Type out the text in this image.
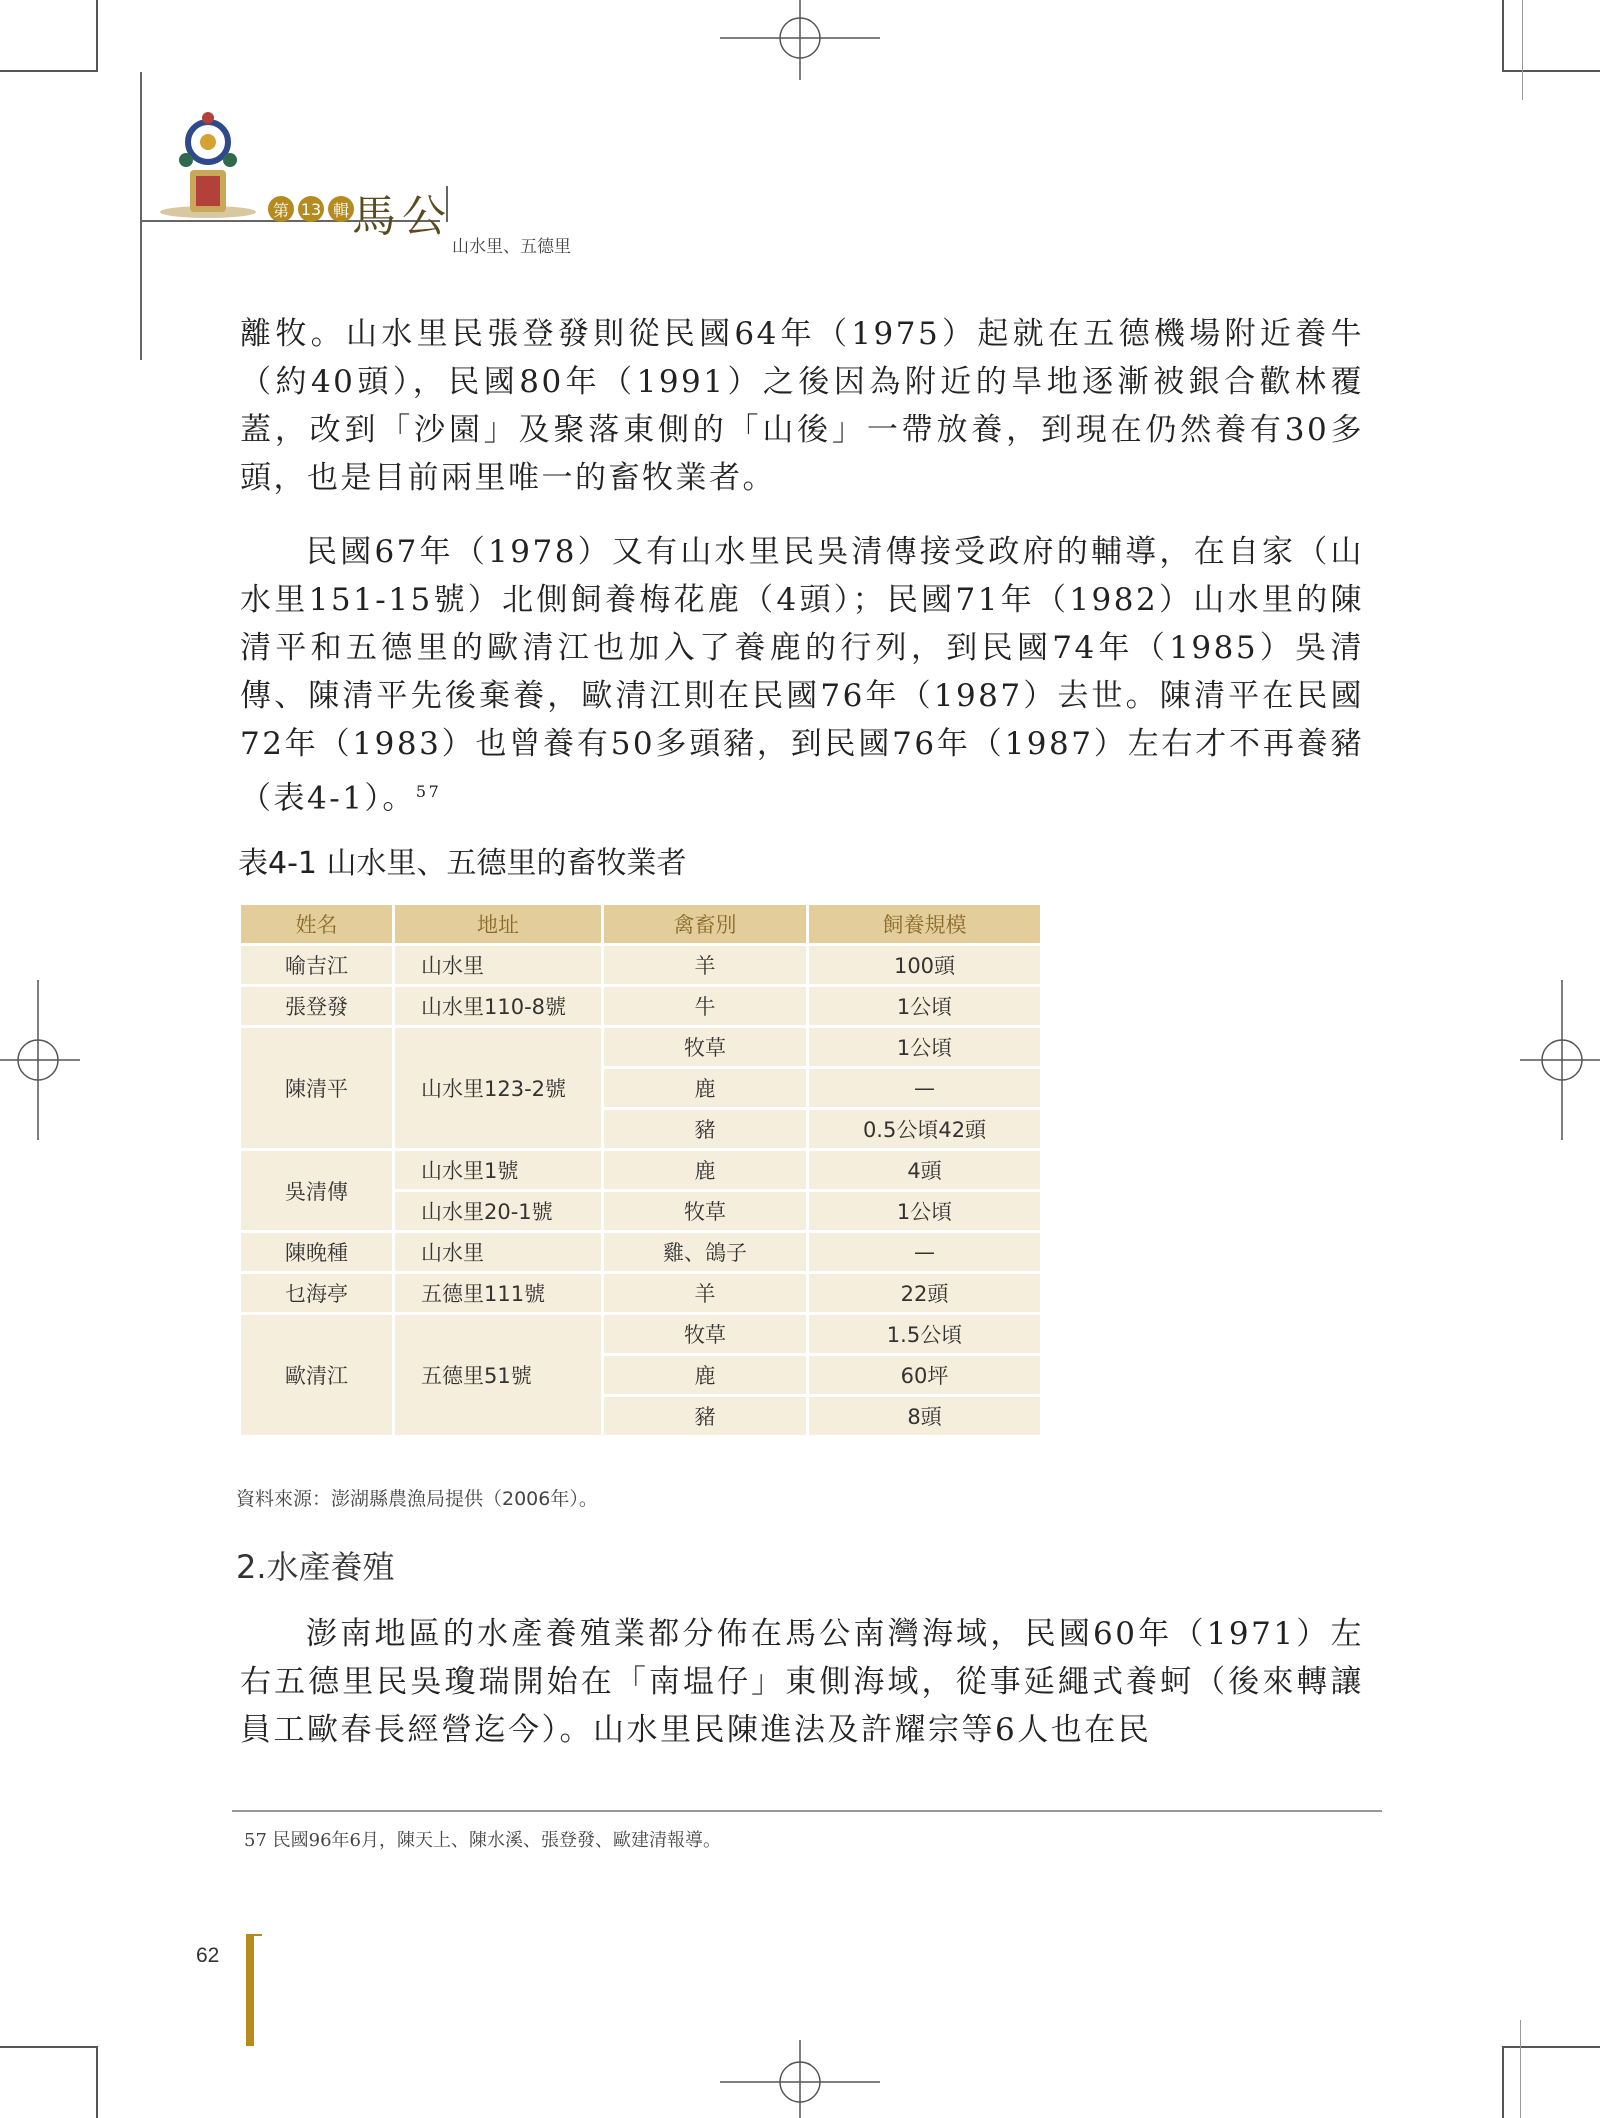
第 13 輯 馬公
山水里、五德里

離牧。山水里民張登發則從民國64年（1975）起就在五德機場附近養牛（約40頭），民國80年（1991）之後因為附近的旱地逐漸被銀合歡林覆蓋，改到「沙園」及聚落東側的「山後」一帶放養，到現在仍然養有30多頭，也是目前兩里唯一的畜牧業者。

民國67年（1978）又有山水里民吳清傳接受政府的輔導，在自家（山水里151-15號）北側飼養梅花鹿（4頭）；民國71年（1982）山水里的陳清平和五德里的歐清江也加入了養鹿的行列，到民國74年（1985）吳清傳、陳清平先後棄養，歐清江則在民國76年（1987）去世。陳清平在民國72年（1983）也曾養有50多頭豬，到民國76年（1987）左右才不再養豬（表4-1）。$^{57}$

表4-1 山水里、五德里的畜牧業者
姓名	地址	禽畜別	飼養規模
喻吉江	山水里	羊	100頭
張登發	山水里110-8號	牛	1公頃
陳清平	山水里123-2號	牧草	1公頃
		鹿	—
		豬	0.5公頃42頭
吳清傳	山水里1號	鹿	4頭
	山水里20-1號	牧草	1公頃
陳晚種	山水里	雞、鴿子	—
乜海亭	五德里111號	羊	22頭
歐清江	五德里51號	牧草	1.5公頃
		鹿	60坪
		豬	8頭
資料來源：澎湖縣農漁局提供（2006年）。
2.水產養殖

澎南地區的水產養殖業都分佈在馬公南灣海域，民國60年（1971）左右五德里民吳瓊瑞開始在「南塭仔」東側海域，從事延繩式養蚵（後來轉讓員工歐春長經營迄今）。山水里民陳進法及許耀宗等6人也在民

57 民國96年6月，陳天上、陳水溪、張登發、歐建清報導。
62
